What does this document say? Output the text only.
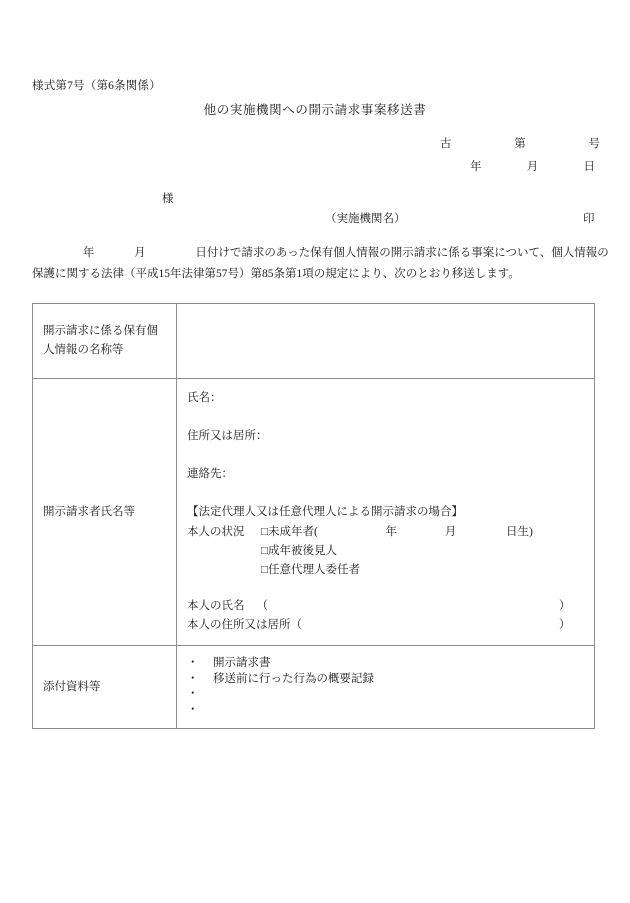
様式第7号（第6条関係）
他の実施機関への開示請求事案移送書
古	第	号
年	月	日
様
（実施機関名）	印
年	月	日付けで請求のあった保有個人情報の開示請求に係る事案について、個人情報の
保護に関する法律（平成15年法律第57号）第85条第1項の規定により、次のとおり移送します。
開示請求に係る保有個人情報の名称等	

開示請求者氏名等

氏名：
住所又は居所：
連絡先：
【法定代理人又は任意代理人による開示請求の場合】
本人の状況 □未成年者(	年	月	日生)
□成年被後見人
□任意代理人委任者
本人の氏名 （	）
本人の住所又は居所（	）

添付資料等

・	開示請求書
・	移送前に行った行為の概要記録
・
・
